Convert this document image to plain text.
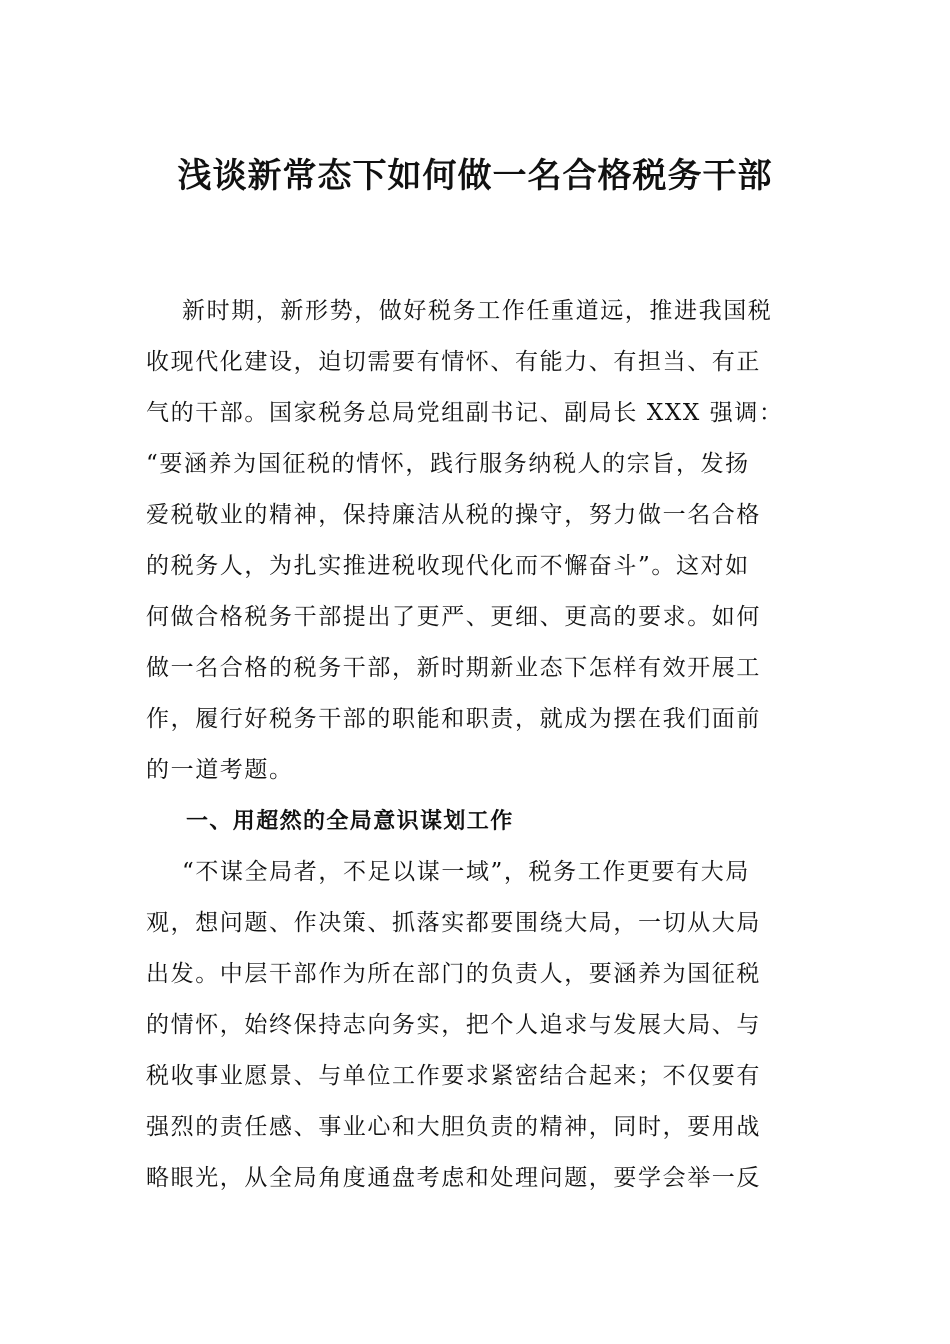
浅谈新常态下如何做一名合格税务干部
新时期，新形势，做好税务工作任重道远，推进我国税
收现代化建设，迫切需要有情怀、有能力、有担当、有正
气的干部。国家税务总局党组副书记、副局长 XXX 强调：
“要涵养为国征税的情怀，践行服务纳税人的宗旨，发扬
爱税敬业的精神，保持廉洁从税的操守，努力做一名合格
的税务人，为扎实推进税收现代化而不懈奋斗”。这对如
何做合格税务干部提出了更严、更细、更高的要求。如何
做一名合格的税务干部，新时期新业态下怎样有效开展工
作，履行好税务干部的职能和职责，就成为摆在我们面前
的一道考题。
一、用超然的全局意识谋划工作
“不谋全局者，不足以谋一域”，税务工作更要有大局
观，想问题、作决策、抓落实都要围绕大局，一切从大局
出发。中层干部作为所在部门的负责人，要涵养为国征税
的情怀，始终保持志向务实，把个人追求与发展大局、与
税收事业愿景、与单位工作要求紧密结合起来；不仅要有
强烈的责任感、事业心和大胆负责的精神，同时，要用战
略眼光，从全局角度通盘考虑和处理问题，要学会举一反
